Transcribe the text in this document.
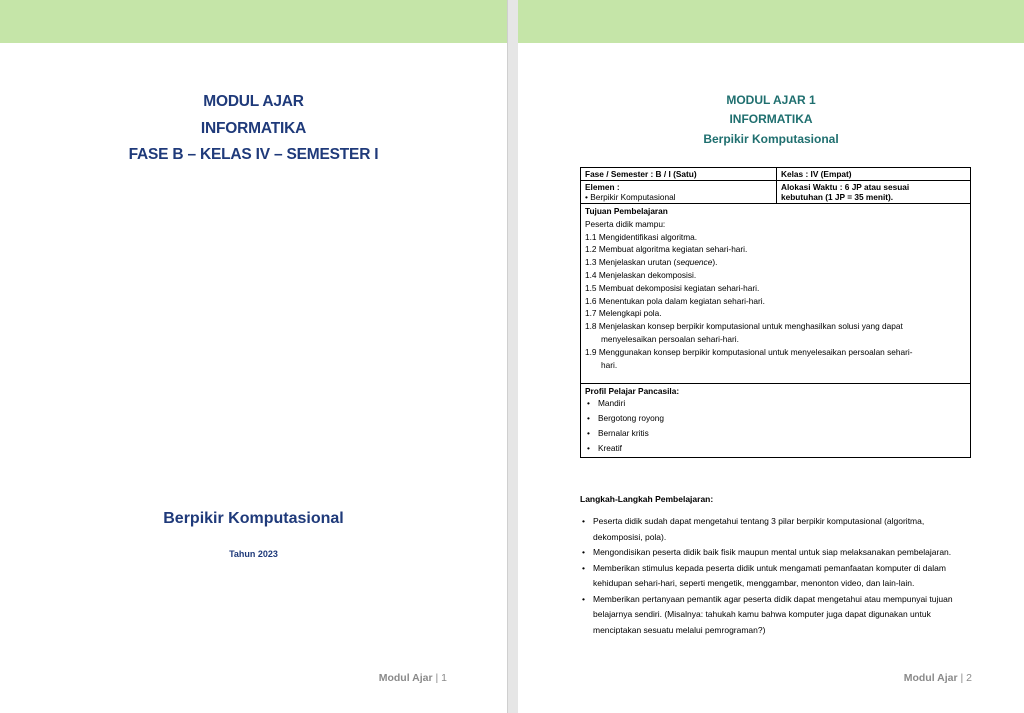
MODUL AJAR
INFORMATIKA
FASE B – KELAS IV – SEMESTER I
Berpikir Komputasional
Tahun 2023
Modul Ajar | 1
MODUL AJAR 1
INFORMATIKA
Berpikir Komputasional
Fase / Semester : B / I (Satu)	Kelas : IV (Empat)
Elemen :
• Berpikir Komputasional
Alokasi Waktu : 6 JP atau sesuai
kebutuhan (1 JP = 35 menit).
Tujuan Pembelajaran
Peserta didik mampu:
1.1 Mengidentifikasi algoritma.
1.2 Membuat algoritma kegiatan sehari-hari.
1.3 Menjelaskan urutan (sequence).
1.4 Menjelaskan dekomposisi.
1.5 Membuat dekomposisi kegiatan sehari-hari.
1.6 Menentukan pola dalam kegiatan sehari-hari.
1.7 Melengkapi pola.
1.8 Menjelaskan konsep berpikir komputasional untuk menghasilkan solusi yang dapat
menyelesaikan persoalan sehari-hari.
1.9 Menggunakan konsep berpikir komputasional untuk menyelesaikan persoalan sehari-
hari.
Profil Pelajar Pancasila:
• Mandiri
• Bergotong royong
• Bernalar kritis
• Kreatif
Langkah-Langkah Pembelajaran:
• Peserta didik sudah dapat mengetahui tentang 3 pilar berpikir komputasional (algoritma, dekomposisi, pola).
• Mengondisikan peserta didik baik fisik maupun mental untuk siap melaksanakan pembelajaran.
• Memberikan stimulus kepada peserta didik untuk mengamati pemanfaatan komputer di dalam kehidupan sehari-hari, seperti mengetik, menggambar, menonton video, dan lain-lain.
• Memberikan pertanyaan pemantik agar peserta didik dapat mengetahui atau mempunyai tujuan belajarnya sendiri. (Misalnya: tahukah kamu bahwa komputer juga dapat digunakan untuk menciptakan sesuatu melalui pemrograman?)
Modul Ajar | 2
